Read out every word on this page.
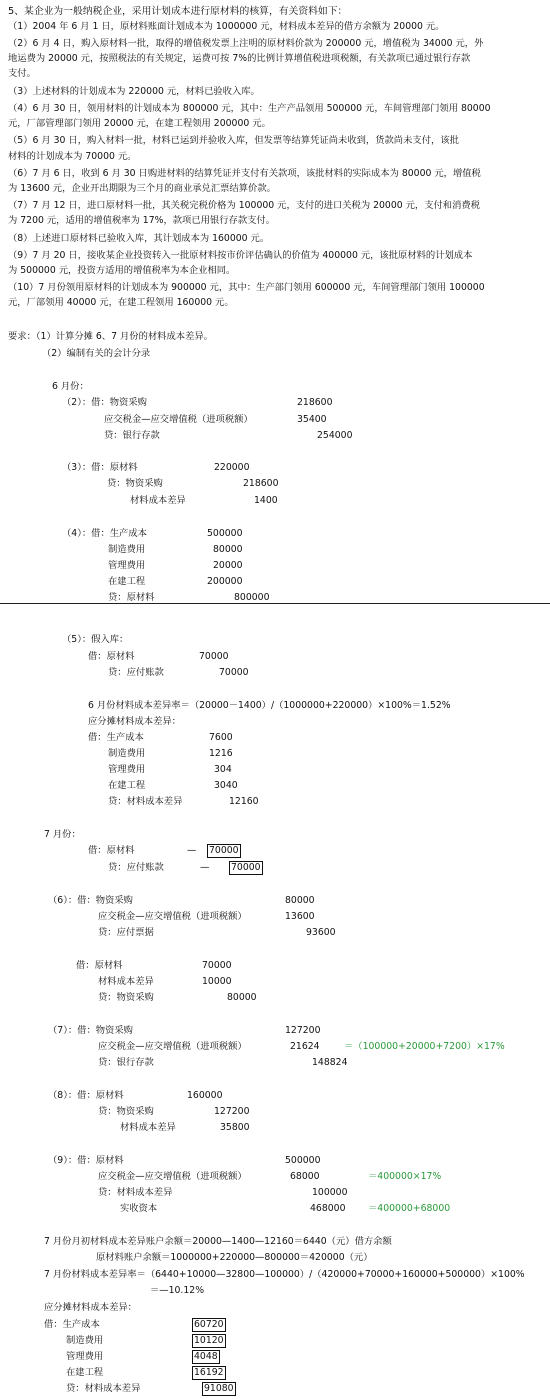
5、某企业为一般纳税企业，采用计划成本进行原材料的核算，有关资料如下：
（1）2004 年 6 月 1 日，原材料账面计划成本为 1000000 元，材料成本差异的借方余额为 20000 元。
（2）6 月 4 日，购入原材料一批，取得的增值税发票上注明的原材料价款为 200000 元，增值税为 34000 元，外
地运费为 20000 元，按照税法的有关规定，运费可按 7%的比例计算增值税进项税额，有关款项已通过银行存款
支付。
（3）上述材料的计划成本为 220000 元，材料已验收入库。
（4）6 月 30 日，领用材料的计划成本为 800000 元，其中：生产产品领用 500000 元，车间管理部门领用 80000
元，厂部管理部门领用 20000 元，在建工程领用 200000 元。
（5）6 月 30 日，购入材料一批，材料已运到并验收入库，但发票等结算凭证尚未收到，货款尚未支付，该批
材料的计划成本为 70000 元。
（6）7 月 6 日，收到 6 月 30 日购进材料的结算凭证并支付有关款项，该批材料的实际成本为 80000 元，增值税
为 13600 元，企业开出期限为三个月的商业承兑汇票结算价款。
（7）7 月 12 日，进口原材料一批，其关税完税价格为 100000 元，支付的进口关税为 20000 元，支付和消费税
为 7200 元，适用的增值税率为 17%，款项已用银行存款支付。
（8）上述进口原材料已验收入库，其计划成本为 160000 元。
（9）7 月 20 日，接收某企业投资转入一批原材料按市价评估确认的价值为 400000 元，该批原材料的计划成本
为 500000 元，投资方适用的增值税率为本企业相同。
（10）7 月份领用原材料的计划成本为 900000 元，其中：生产部门领用 600000 元，车间管理部门领用 100000
元，厂部领用 40000 元，在建工程领用 160000 元。
要求：（1）计算分摊 6、7 月份的材料成本差异。
（2）编制有关的会计分录
6 月份：
（2）：借：物资采购	218600
应交税金—应交增值税（进项税额）	35400
贷：银行存款	254000
（3）：借：原材料	220000
贷：物资采购	218600
材料成本差异	1400
（4）：借：生产成本	500000
制造费用	80000
管理费用	20000
在建工程	200000
贷：原材料	800000
（5）：假入库：
借：原材料	70000
贷：应付账款	70000
6 月份材料成本差异率＝（20000－1400）/（1000000+220000）×100%＝1.52%
应分摊材料成本差异：
借：生产成本	7600
制造费用	1216
管理费用	304
在建工程	3040
贷：材料成本差异	12160
7 月份：
借：原材料	— 70000
贷：应付账款	— 70000
（6）：借：物资采购	80000
应交税金—应交增值税（进项税额）	13600
贷：应付票据	93600
借：原材料	70000
材料成本差异	10000
贷：物资采购	80000
（7）：借：物资采购	127200
应交税金—应交增值税（进项税额）	21624	＝（100000+20000+7200）×17%
贷：银行存款	148824
（8）：借：原材料	160000
贷：物资采购	127200
材料成本差异	35800
（9）：借：原材料	500000
应交税金—应交增值税（进项税额）	68000	＝400000×17%
贷：材料成本差异	100000
实收资本	468000 ＝400000+68000
7 月份月初材料成本差异账户余额＝20000—1400—12160＝6440（元）借方余额
原材料账户余额＝1000000+220000—800000＝420000（元）
7 月份材料成本差异率＝（6440+10000—32800—100000）/（420000+70000+160000+500000）×100%
＝—10.12%
应分摊材料成本差异：
借：生产成本	60720
制造费用	10120
管理费用	4048
在建工程	16192
贷：材料成本差异	91080
